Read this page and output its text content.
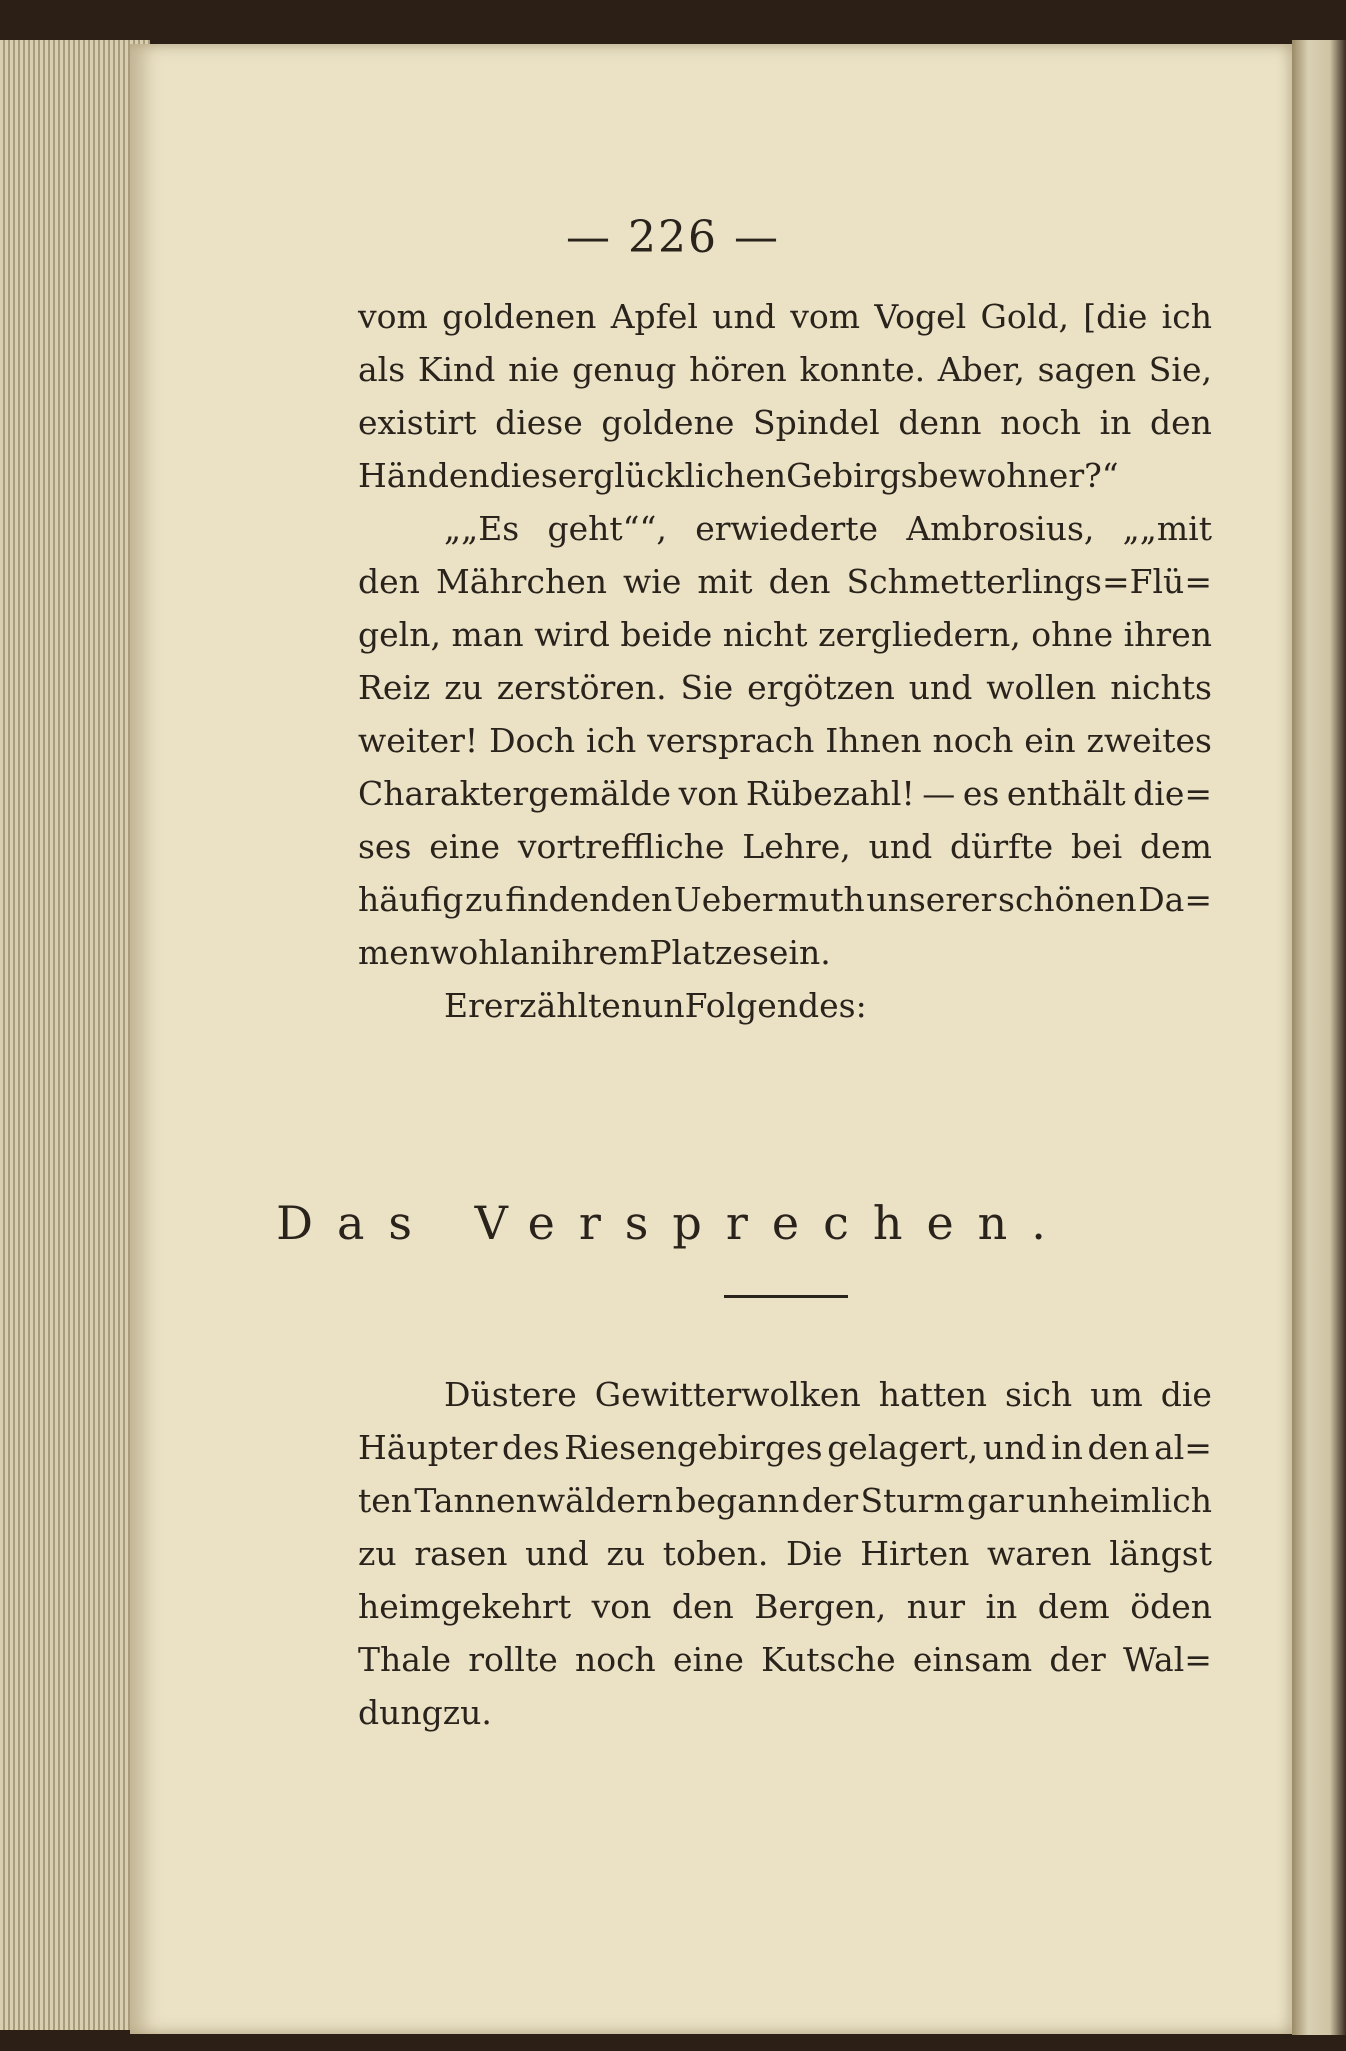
— 226 —
vom goldenen Apfel und vom Vogel Gold, [die ich
als Kind nie genug hören konnte. Aber, sagen Sie,
existirt diese goldene Spindel denn noch in den
Händen dieser glücklichen Gebirgsbewohner?“
„„Es geht““, erwiederte Ambrosius, „„mit
den Mährchen wie mit den Schmetterlings=Flü=
geln, man wird beide nicht zergliedern, ohne ihren
Reiz zu zerstören. Sie ergötzen und wollen nichts
weiter! Doch ich versprach Ihnen noch ein zweites
Charaktergemälde von Rübezahl! — es enthält die=
ses eine vortreffliche Lehre, und dürfte bei dem
häufig zu findenden Uebermuth unserer schönen Da=
men wohl an ihrem Platze sein.
Er erzählte nun Folgendes:
Das Versprechen.
Düstere Gewitterwolken hatten sich um die
Häupter des Riesengebirges gelagert, und in den al=
ten Tannenwäldern begann der Sturm gar unheimlich
zu rasen und zu toben. Die Hirten waren längst
heimgekehrt von den Bergen, nur in dem öden
Thale rollte noch eine Kutsche einsam der Wal=
dung zu.
